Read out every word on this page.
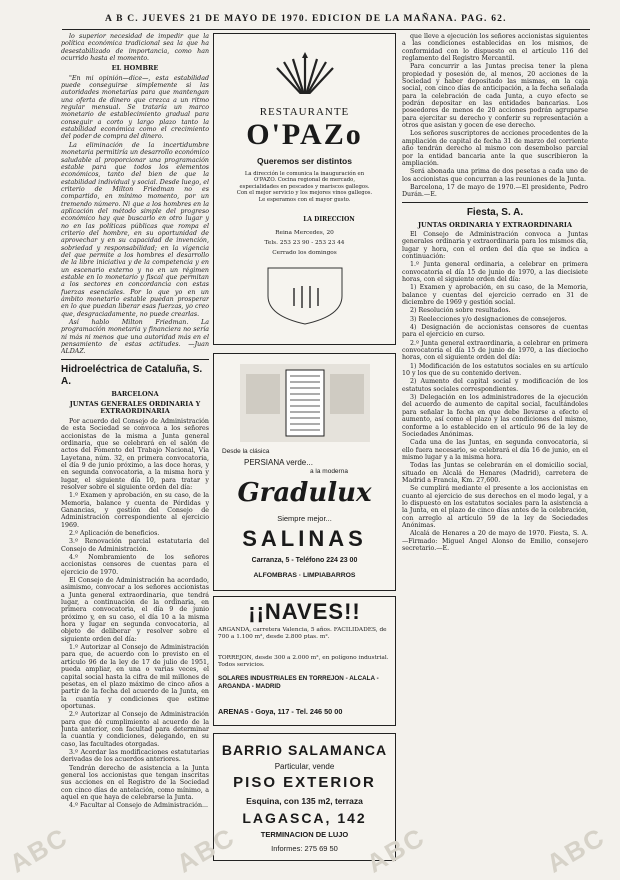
A B C. JUEVES 21 DE MAYO DE 1970. EDICION DE LA MAÑANA. PAG. 62.

lo superior necesidad de impedir que la política económica tradicional sea la que ha desestabilizado de importancia, como han ocurrido hasta el momento.

EL HOMBRE

"En mi opinión—dice—, esta estabilidad puede conseguirse simplemente si las autoridades monetarias para que mantengan una oferta de dinero que crezca a un ritmo regular mensual. Se trataría un marco monetario de establecimiento gradual para conseguir a corto y largo plazo tanto la estabilidad económica como el crecimiento del poder de compra del dinero.

La eliminación de la incertidumbre monetaria permitiría un desarrollo económico saludable al proporcionar una programación estable para que todos los elementos económicos, tanto del bien de que la estabilidad individual y social. Desde luego, el criterio de Milton Friedman no es compartido, en mínimo momento, por un tremendo número. Ni que a los hombres en la aplicación del método simple del progreso económico hay que buscarlo en otro lugar y no en las políticas públicas que rompa el criterio del hombre, en su oportunidad de aprovechar y en su capacidad de invención, sobriedad y responsabilidad; en la vigencia del que permite a los hombres el desarrollo de la libre iniciativa y de la competencia y en un escenario externo y no en un régimen estable en lo monetario y fiscal que permitan a los sectores en concordancia con estas fuerzas esenciales. Por lo que yo en un ámbito monetario estable puedan prosperar en lo que puedan liberar esas fuerzas, yo creo que, desgraciadamente, no puede crearlas.

Así hablo Milton Friedman. La programación monetaria y financiera no sería ni más ni menos que una autoridad más en el pensamiento de estas actitudes. —Juan ALDAZ.

Hidroeléctrica de Cataluña, S. A.

BARCELONA

JUNTAS GENERALES ORDINARIA Y EXTRAORDINARIA

Por acuerdo del Consejo de Administración de esta Sociedad se convoca a los señores accionistas de la misma a Junta general ordinaria, que se celebrará en el salón de actos del Fomento del Trabajo Nacional, Vía Layetana, núm. 32, en primera convocatoria, el día 9 de junio próximo, a las doce horas, y en segunda convocatoria, a la misma hora y lugar, el siguiente día 10, para tratar y resolver sobre el siguiente orden del día:

1.º Examen y aprobación, en su caso, de la Memoria, balance y cuenta de Pérdidas y Ganancias, y gestión del Consejo de Administración correspondiente al ejercicio 1969.

2.º Aplicación de beneficios.

3.º Renovación parcial estatutaria del Consejo de Administración.

4.º Nombramiento de los señores accionistas censores de cuentas para el ejercicio de 1970.

El Consejo de Administración ha acordado, asimismo, convocar a los señores accionistas a Junta general extraordinaria, que tendrá lugar, a continuación de la ordinaria, en primera convocatoria, el día 9 de junio próximo y, en su caso, el día 10 a la misma hora y lugar en segunda convocatoria, al objeto de deliberar y resolver sobre el siguiente orden del día:

1.º Autorizar al Consejo de Administración para que, de acuerdo con lo previsto en el artículo 96 de la ley de 17 de julio de 1951, pueda ampliar, en una o varias veces, el capital social hasta la cifra de mil millones de pesetas, en el plazo máximo de cinco años a partir de la fecha del acuerdo de la Junta, en la cuantía y condiciones que estime oportunas.

2.º Autorizar al Consejo de Administración para que dé cumplimiento al acuerdo de la Junta anterior, con facultad para determinar la cuantía y condiciones, delegando, en su caso, las facultades otorgadas.

3.º Acordar las modificaciones estatutarias derivadas de los acuerdos anteriores.

Tendrán derecho de asistencia a la Junta general los accionistas que tengan inscritas sus acciones en el Registro de la Sociedad con cinco días de antelación, como mínimo, a aquel en que haya de celebrarse la Junta.

4.º Facultar al Consejo de Administración...

RESTAURANTE
O'PAZo
Queremos ser distintos
La dirección le comunica la inauguración en O'PAZO. Cocina regional de mercado, especialidades en pescados y mariscos gallegos. Con el mejor servicio y los mejores vinos gallegos. Le esperamos con el mayor gusto.
LA DIRECCION
Reina Mercedes, 20
Tels. 253 23 90 - 253 23 44
Cerrado los domingos
Desde la clásica
PERSIANA verde...
a la moderna
Gradulux
Siempre mejor...
SALINAS
Carranza, 5 - Teléfono 224 23 00
ALFOMBRAS · LIMPIABARROS
¡¡NAVES!!
ARGANDA, carretera Valencia, 5 años. FACILIDADES, de 700 a 1.100 m², desde 2.800 ptas. m².
TORREJON, desde 300 a 2.000 m², en polígono industrial. Todos servicios.
SOLARES INDUSTRIALES EN TORREJON - ALCALA - ARGANDA - MADRID
ARENAS - Goya, 117 - Tel. 246 50 00
BARRIO SALAMANCA
Particular, vende
PISO EXTERIOR
Esquina, con 135 m2, terraza
LAGASCA, 142
TERMINACION DE LUJO
Informes: 275 69 50

que lleve a ejecución los señores accionistas siguientes a las condiciones establecidas en los mismos, de conformidad con lo dispuesto en el artículo 116 del reglamento del Registro Mercantil.

Para concurrir a las Juntas precisa tener la plena propiedad y posesión de, al menos, 20 acciones de la Sociedad y haber depositado las mismas, en la caja social, con cinco días de anticipación, a la fecha señalada para la celebración de cada Junta, a cuyo efecto se podrán depositar en las entidades bancarias. Los poseedores de menos de 20 acciones podrán agruparse para ejercitar su derecho y conferir su representación a otros que asistan y gocen de ese derecho.

Los señores suscriptores de acciones procedentes de la ampliación de capital de fecha 31 de marzo del corriente año tendrán derecho al mismo con desembolso parcial por la entidad bancaria ante la que suscribieron la ampliación.

Será abonada una prima de dos pesetas a cada uno de los accionistas que concurran a las reuniones de la Junta.

Barcelona, 17 de mayo de 1970.—El presidente, Pedro Durán.—E.

Fiesta, S. A.

JUNTAS ORDINARIA Y EXTRAORDINARIA

El Consejo de Administración convoca a Juntas generales ordinaria y extraordinaria para los mismos día, lugar y hora, con el orden del día que se indica a continuación:

1.º Junta general ordinaria, a celebrar en primera convocatoria el día 15 de junio de 1970, a las diecisiete horas, con el siguiente orden del día:

1) Examen y aprobación, en su caso, de la Memoria, balance y cuentas del ejercicio cerrado en 31 de diciembre de 1969 y gestión social.

2) Resolución sobre resultados.

3) Reelecciones y/o designaciones de consejeros.

4) Designación de accionistas censores de cuentas para el ejercicio en curso.

2.º Junta general extraordinaria, a celebrar en primera convocatoria el día 15 de junio de 1970, a las dieciocho horas, con el siguiente orden del día:

1) Modificación de los estatutos sociales en su artículo 10 y los que de su contenido deriven.

2) Aumento del capital social y modificación de los estatutos sociales correspondientes.

3) Delegación en los administradores de la ejecución del acuerdo de aumento de capital social, facultándoles para señalar la fecha en que debe llevarse a efecto el aumento, así como el plazo y las condiciones del mismo, conforme a lo establecido en el artículo 96 de la ley de Sociedades Anónimas.

Cada una de las Juntas, en segunda convocatoria, si ello fuera necesario, se celebrará el día 16 de junio, en el mismo lugar y a la misma hora.

Todas las Juntas se celebrarán en el domicilio social, situado en Alcalá de Henares (Madrid), carretera de Madrid a Francia, Km. 27,600.

Se cumplirá mediante el presente a los accionistas en cuanto al ejercicio de sus derechos en el modo legal, y a lo dispuesto en los estatutos sociales para la asistencia a la Junta, en el plazo de cinco días antes de la celebración, con arreglo al artículo 59 de la ley de Sociedades Anónimas.

Alcalá de Henares a 20 de mayo de 1970. Fiesta, S. A.—Firmado: Miguel Angel Alonso de Emilio, consejero secretario.—E.

ABC	ABC	ABC	ABC
